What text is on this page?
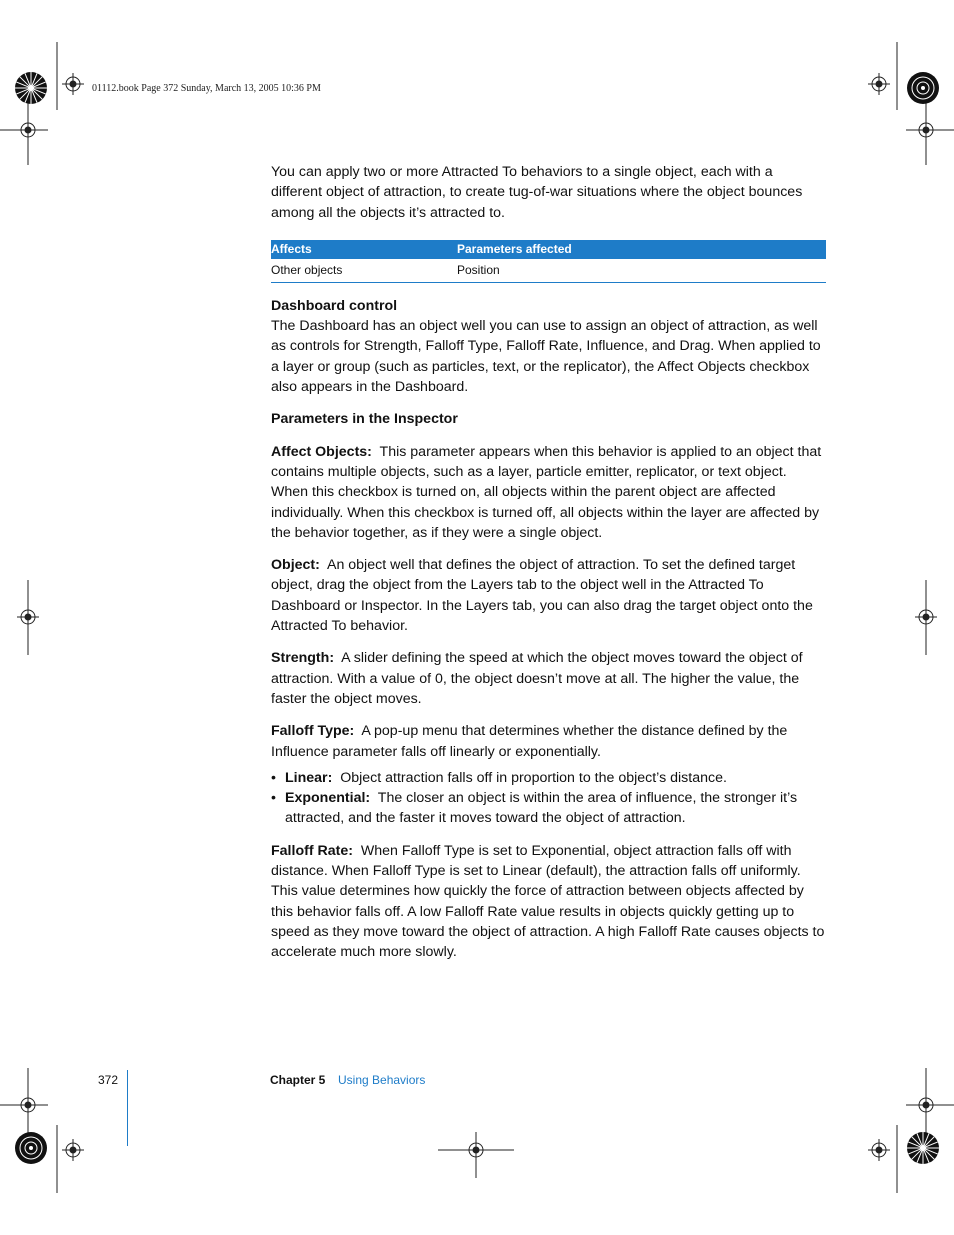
01112.book Page 372 Sunday, March 13, 2005 10:36 PM

You can apply two or more Attracted To behaviors to a single object, each with a different object of attraction, to create tug-of-war situations where the object bounces among all the objects it’s attracted to.

Affects	Parameters affected
Other objects	Position

Dashboard control

The Dashboard has an object well you can use to assign an object of attraction, as well as controls for Strength, Falloff Type, Falloff Rate, Influence, and Drag. When applied to a layer or group (such as particles, text, or the replicator), the Affect Objects checkbox also appears in the Dashboard.

Parameters in the Inspector

Affect Objects: This parameter appears when this behavior is applied to an object that contains multiple objects, such as a layer, particle emitter, replicator, or text object. When this checkbox is turned on, all objects within the parent object are affected individually. When this checkbox is turned off, all objects within the layer are affected by the behavior together, as if they were a single object.

Object: An object well that defines the object of attraction. To set the defined target object, drag the object from the Layers tab to the object well in the Attracted To Dashboard or Inspector. In the Layers tab, you can also drag the target object onto the Attracted To behavior.

Strength: A slider defining the speed at which the object moves toward the object of attraction. With a value of 0, the object doesn’t move at all. The higher the value, the faster the object moves.

Falloff Type: A pop-up menu that determines whether the distance defined by the Influence parameter falls off linearly or exponentially.

• Linear: Object attraction falls off in proportion to the object’s distance.
• Exponential: The closer an object is within the area of influence, the stronger it’s attracted, and the faster it moves toward the object of attraction.

Falloff Rate: When Falloff Type is set to Exponential, object attraction falls off with distance. When Falloff Type is set to Linear (default), the attraction falls off uniformly. This value determines how quickly the force of attraction between objects affected by this behavior falls off. A low Falloff Rate value results in objects quickly getting up to speed as they move toward the object of attraction. A high Falloff Rate causes objects to accelerate much more slowly.

372	Chapter 5 Using Behaviors
